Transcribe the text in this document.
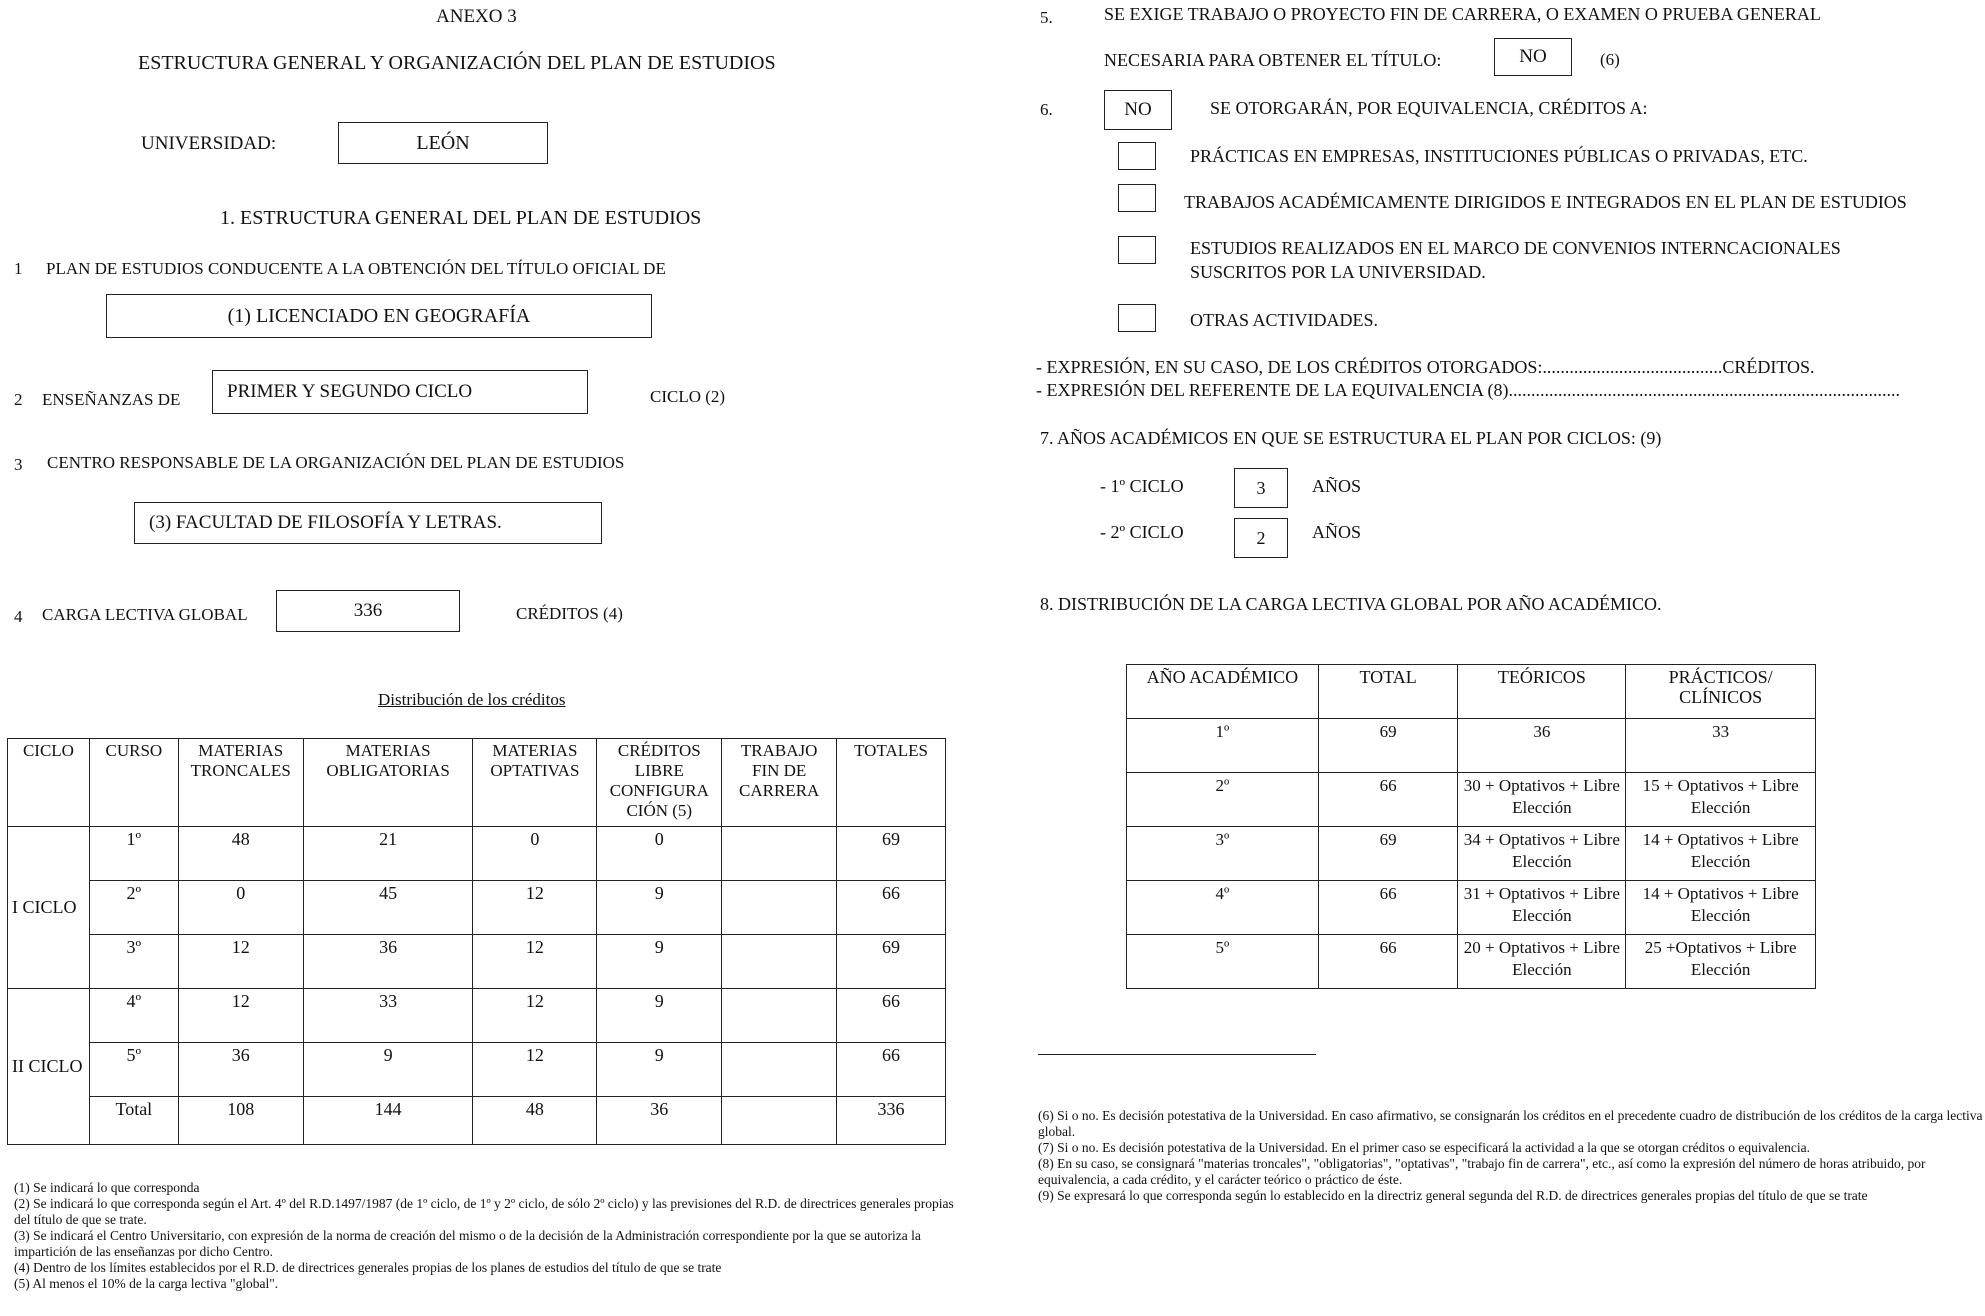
ANEXO 3
ESTRUCTURA GENERAL Y ORGANIZACIÓN DEL PLAN DE ESTUDIOS
UNIVERSIDAD:	LEÓN
1. ESTRUCTURA GENERAL DEL PLAN DE ESTUDIOS
1 PLAN DE ESTUDIOS CONDUCENTE A LA OBTENCIÓN DEL TÍTULO OFICIAL DE
(1) LICENCIADO EN GEOGRAFÍA
2 ENSEÑANZAS DE PRIMER Y SEGUNDO CICLO	CICLO (2)
3 CENTRO RESPONSABLE DE LA ORGANIZACIÓN DEL PLAN DE ESTUDIOS
(3) FACULTAD DE FILOSOFÍA Y LETRAS.
4 CARGA LECTIVA GLOBAL	336	CRÉDITOS (4)
Distribución de los créditos
CICLO	CURSO	MATERIAS TRONCALES	MATERIAS OBLIGATORIAS	MATERIAS OPTATIVAS	CRÉDITOS LIBRE CONFIGURA CIÓN (5)	TRABAJO FIN DE CARRERA	TOTALES
I CICLO	1º	48	21	0	0		69
	2º	0	45	12	9		66
	3º	12	36	12	9		69
II CICLO	4º	12	33	12	9		66
	5º	36	9	12	9		66
	Total	108	144	48	36		336
(1) Se indicará lo que corresponda
(2) Se indicará lo que corresponda según el Art. 4º del R.D.1497/1987 (de 1º ciclo, de 1º y 2º ciclo, de sólo 2º ciclo) y las previsiones del R.D. de directrices generales propias del título de que se trate.
(3) Se indicará el Centro Universitario, con expresión de la norma de creación del mismo o de la decisión de la Administración correspondiente por la que se autoriza la impartición de las enseñanzas por dicho Centro.
(4) Dentro de los límites establecidos por el R.D. de directrices generales propias de los planes de estudios del título de que se trate
(5) Al menos el 10% de la carga lectiva "global".
5.	SE EXIGE TRABAJO O PROYECTO FIN DE CARRERA, O EXAMEN O PRUEBA GENERAL
NECESARIA PARA OBTENER EL TÍTULO:	NO	(6)
6.	NO	SE OTORGARÁN, POR EQUIVALENCIA, CRÉDITOS A:
PRÁCTICAS EN EMPRESAS, INSTITUCIONES PÚBLICAS O PRIVADAS, ETC.
TRABAJOS ACADÉMICAMENTE DIRIGIDOS E INTEGRADOS EN EL PLAN DE ESTUDIOS
ESTUDIOS REALIZADOS EN EL MARCO DE CONVENIOS INTERNCACIONALES
SUSCRITOS POR LA UNIVERSIDAD.
OTRAS ACTIVIDADES.
- EXPRESIÓN, EN SU CASO, DE LOS CRÉDITOS OTORGADOS:........................................CRÉDITOS.
- EXPRESIÓN DEL REFERENTE DE LA EQUIVALENCIA (8).......................................................................................
7. AÑOS ACADÉMICOS EN QUE SE ESTRUCTURA EL PLAN POR CICLOS: (9)
- 1º CICLO	3	AÑOS
- 2º CICLO	2	AÑOS
8. DISTRIBUCIÓN DE LA CARGA LECTIVA GLOBAL POR AÑO ACADÉMICO.
AÑO ACADÉMICO	TOTAL	TEÓRICOS	PRÁCTICOS/ CLÍNICOS
1º	69	36	33
2º	66	30 + Optativos + Libre Elección	15 + Optativos + Libre Elección
3º	69	34 + Optativos + Libre Elección	14 + Optativos + Libre Elección
4º	66	31 + Optativos + Libre Elección	14 + Optativos + Libre Elección
5º	66	20 + Optativos + Libre Elección	25 +Optativos + Libre Elección
(6) Si o no. Es decisión potestativa de la Universidad. En caso afirmativo, se consignarán los créditos en el precedente cuadro de distribución de los créditos de la carga lectiva global.
(7) Si o no. Es decisión potestativa de la Universidad. En el primer caso se especificará la actividad a la que se otorgan créditos o equivalencia.
(8) En su caso, se consignará "materias troncales", "obligatorias", "optativas", "trabajo fin de carrera", etc., así como la expresión del número de horas atribuido, por equivalencia, a cada crédito, y el carácter teórico o práctico de éste.
(9) Se expresará lo que corresponda según lo establecido en la directriz general segunda del R.D. de directrices generales propias del título de que se trate
